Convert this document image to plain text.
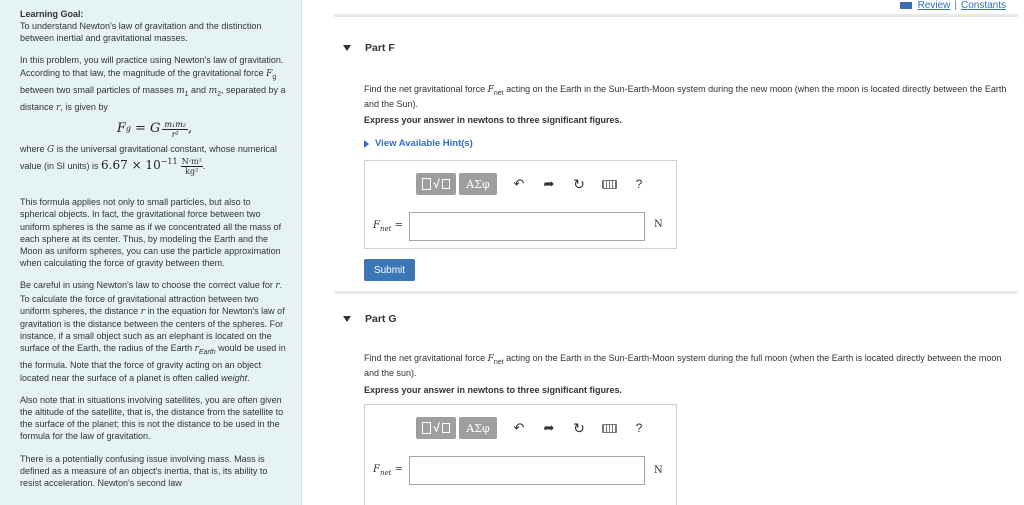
Learning Goal:

To understand Newton's law of gravitation and the distinction between inertial and gravitational masses.

In this problem, you will practice using Newton's law of gravitation. According to that law, the magnitude of the gravitational force $F_g$ between two small particles of masses $m_1$ and $m_2$, separated by a distance r, is given by

F g = G $\frac{\text{m₁m₂}}{\text{r²}}$ ,

where G is the universal gravitational constant, whose numerical value (in SI units) is $6.67 \times 10^{-11} \frac{\text{N·m²}}{\text{kg²}}$ .

This formula applies not only to small particles, but also to spherical objects. In fact, the gravitational force between two uniform spheres is the same as if we concentrated all the mass of each sphere at its center. Thus, by modeling the Earth and the Moon as uniform spheres, you can use the particle approximation when calculating the force of gravity between them.

Be careful in using Newton's law to choose the correct value for r. To calculate the force of gravitational attraction between two uniform spheres, the distance r in the equation for Newton's law of gravitation is the distance between the centers of the spheres. For instance, if a small object such as an elephant is located on the surface of the Earth, the radius of the Earth $r_{Earth}$ would be used in the formula. Note that the force of gravity acting on an object located near the surface of a planet is often called weight.

Also note that in situations involving satellites, you are often given the altitude of the satellite, that is, the distance from the satellite to the surface of the planet; this is not the distance to be used in the formula for the law of gravitation.

There is a potentially confusing issue involving mass. Mass is defined as a measure of an object's inertia, that is, its ability to resist acceleration. Newton's second law

Review | Constants
Part F
Find the net gravitational force $F_{net}$ acting on the Earth in the Sun-Earth-Moon system during the new moon (when the moon is located directly between the Earth and the Sun).
Express your answer in newtons to three significant figures.
View Available Hint(s)
√	ΑΣφ	↶	➦	↻	?
$F_{net}$ =	N
Submit
Part G
Find the net gravitational force $F_{net}$ acting on the Earth in the Sun-Earth-Moon system during the full moon (when the Earth is located directly between the moon and the sun).
Express your answer in newtons to three significant figures.
√	ΑΣφ	↶	➦	↻	?
$F_{net}$ =	N
